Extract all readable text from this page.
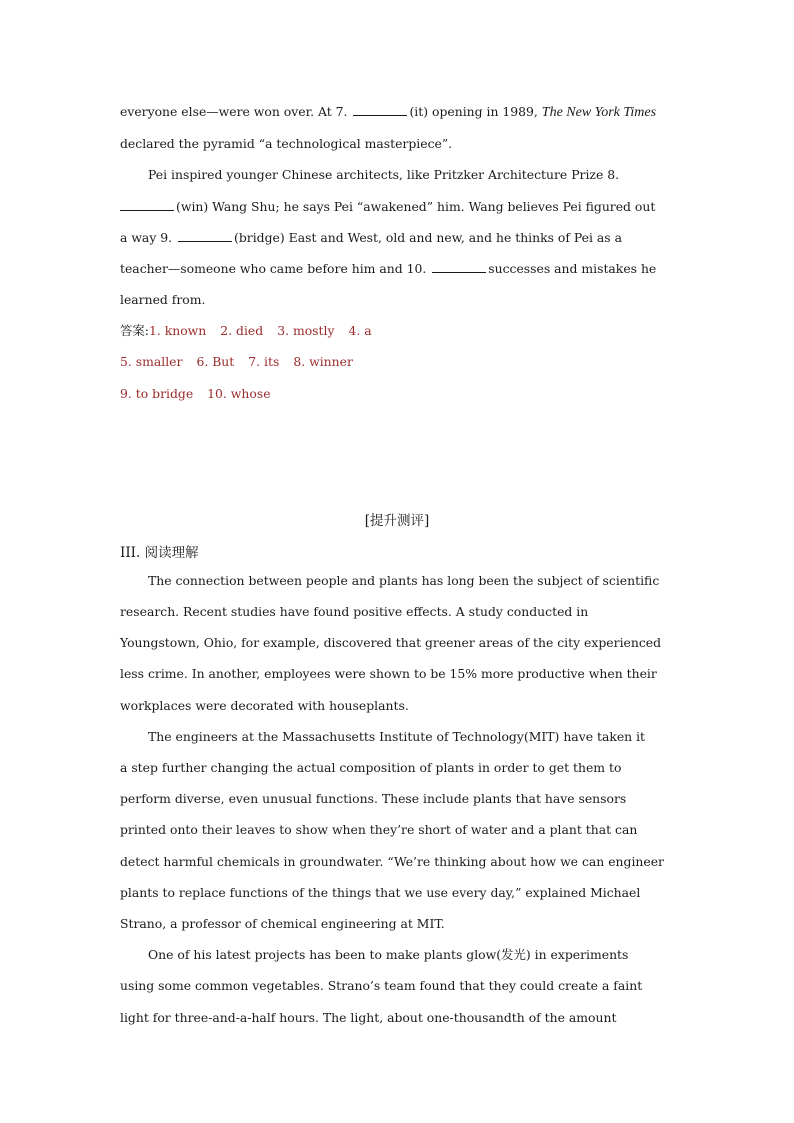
everyone else—were won over. At 7.	(it) opening in 1989, The New York Times
declared the pyramid “a technological masterpiece”.
Pei inspired younger Chinese architects, like Pritzker Architecture Prize 8.
(win) Wang Shu; he says Pei “awakened” him. Wang believes Pei figured out
a way 9.	(bridge) East and West, old and new, and he thinks of Pei as a
teacher—someone who came before him and 10.	successes and mistakes he
learned from.
答案:1. known 2. died 3. mostly 4. a
5. smaller 6. But 7. its 8. winner
9. to bridge 10. whose
[提升测评]
III. 阅读理解
The connection between people and plants has long been the subject of scientific
research. Recent studies have found positive effects. A study conducted in
Youngstown, Ohio, for example, discovered that greener areas of the city experienced
less crime. In another, employees were shown to be 15% more productive when their
workplaces were decorated with houseplants.
The engineers at the Massachusetts Institute of Technology(MIT) have taken it
a step further changing the actual composition of plants in order to get them to
perform diverse, even unusual functions. These include plants that have sensors
printed onto their leaves to show when they’re short of water and a plant that can
detect harmful chemicals in groundwater. “We’re thinking about how we can engineer
plants to replace functions of the things that we use every day,” explained Michael
Strano, a professor of chemical engineering at MIT.
One of his latest projects has been to make plants glow(发光) in experiments
using some common vegetables. Strano’s team found that they could create a faint
light for three-and-a-half hours. The light, about one-thousandth of the amount
